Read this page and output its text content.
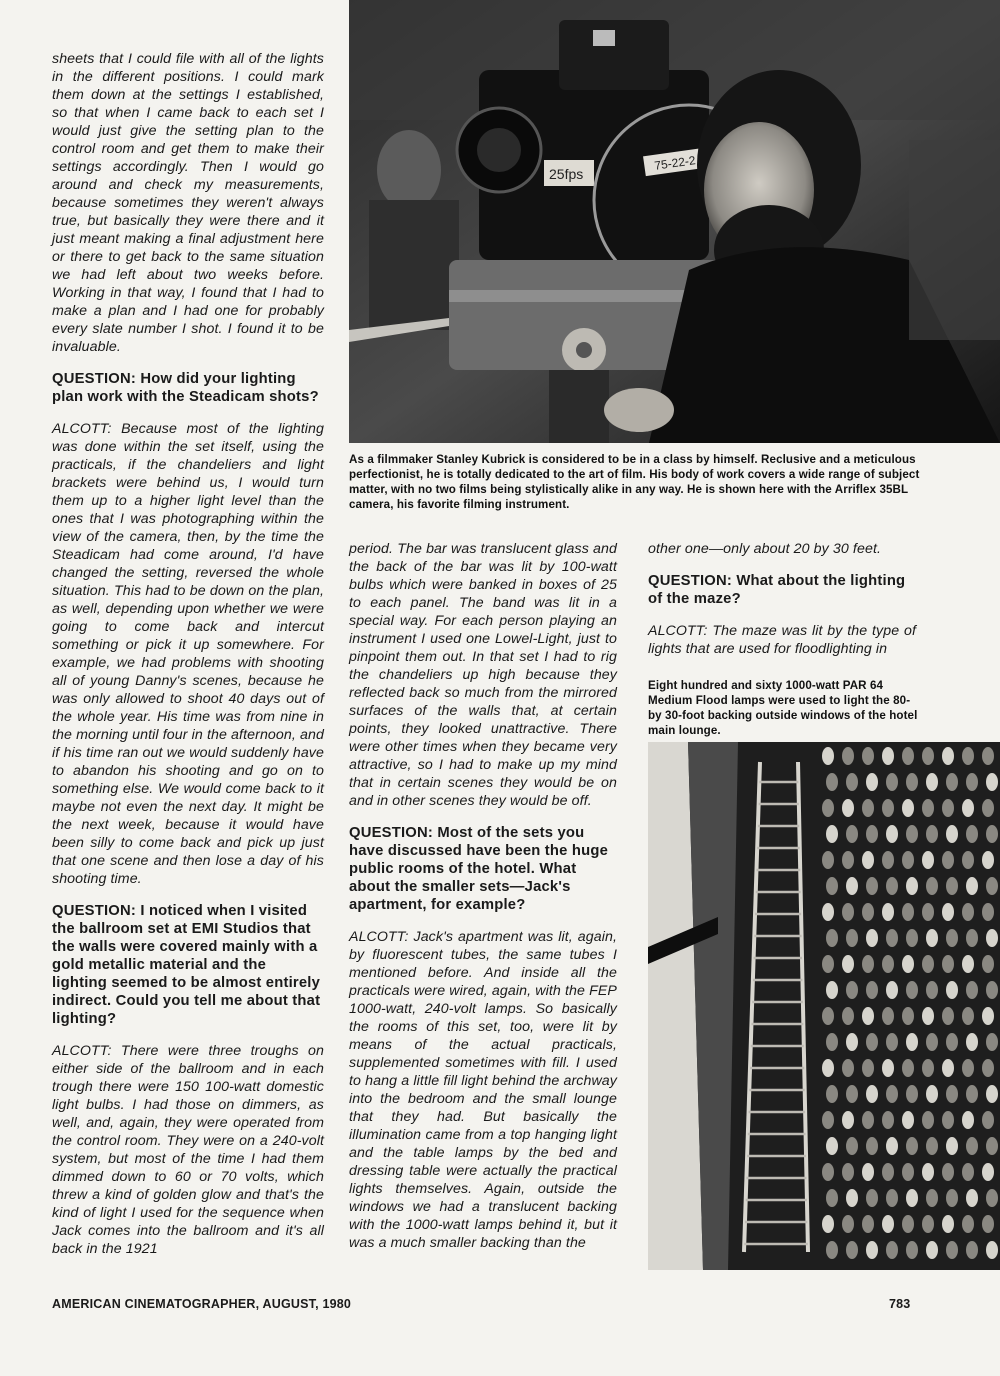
sheets that I could file with all of the lights in the different positions. I could mark them down at the settings I established, so that when I came back to each set I would just give the setting plan to the control room and get them to make their settings accordingly. Then I would go around and check my measurements, because sometimes they weren't always true, but basically they were there and it just meant making a final adjustment here or there to get back to the same situation we had left about two weeks before. Working in that way, I found that I had to make a plan and I had one for probably every slate number I shot. I found it to be invaluable.

QUESTION: How did your lighting plan work with the Steadicam shots?

ALCOTT: Because most of the lighting was done within the set itself, using the practicals, if the chandeliers and light brackets were behind us, I would turn them up to a higher light level than the ones that I was photographing within the view of the camera, then, by the time the Steadicam had come around, I'd have changed the setting, reversed the whole situation. This had to be down on the plan, as well, depending upon whether we were going to come back and intercut something or pick it up somewhere. For example, we had problems with shooting all of young Danny's scenes, because he was only allowed to shoot 40 days out of the whole year. His time was from nine in the morning until four in the afternoon, and if his time ran out we would suddenly have to abandon his shooting and go on to something else. We would come back to it maybe not even the next day. It might be the next week, because it would have been silly to come back and pick up just that one scene and then lose a day of his shooting time.

QUESTION: I noticed when I visited the ballroom set at EMI Studios that the walls were covered mainly with a gold metallic material and the lighting seemed to be almost entirely indirect. Could you tell me about that lighting?

ALCOTT: There were three troughs on either side of the ballroom and in each trough there were 150 100-watt domestic light bulbs. I had those on dimmers, as well, and, again, they were operated from the control room. They were on a 240-volt system, but most of the time I had them dimmed down to 60 or 70 volts, which threw a kind of golden glow and that's the kind of light I used for the sequence when Jack comes into the ballroom and it's all back in the 1921

25fps
75-22-2
As a filmmaker Stanley Kubrick is considered to be in a class by himself. Reclusive and a meticulous perfectionist, he is totally dedicated to the art of film. His body of work covers a wide range of subject matter, with no two films being stylistically alike in any way. He is shown here with the Arriflex 35BL camera, his favorite filming instrument.

period. The bar was translucent glass and the back of the bar was lit by 100-watt bulbs which were banked in boxes of 25 to each panel. The band was lit in a special way. For each person playing an instrument I used one Lowel-Light, just to pinpoint them out. In that set I had to rig the chandeliers up high because they reflected back so much from the mirrored surfaces of the walls that, at certain points, they looked unattractive. There were other times when they became very attractive, so I had to make up my mind that in certain scenes they would be on and in other scenes they would be off.

QUESTION: Most of the sets you have discussed have been the huge public rooms of the hotel. What about the smaller sets—Jack's apartment, for example?

ALCOTT: Jack's apartment was lit, again, by fluorescent tubes, the same tubes I mentioned before. And inside all the practicals were wired, again, with the FEP 1000-watt, 240-volt lamps. So basically the rooms of this set, too, were lit by means of the actual practicals, supplemented sometimes with fill. I used to hang a little fill light behind the archway into the bedroom and the small lounge that they had. But basically the illumination came from a top hanging light and the table lamps by the bed and dressing table were actually the practical lights themselves. Again, outside the windows we had a translucent backing with the 1000-watt lamps behind it, but it was a much smaller backing than the

other one—only about 20 by 30 feet.

QUESTION: What about the lighting of the maze?

ALCOTT: The maze was lit by the type of lights that are used for floodlighting in

Eight hundred and sixty 1000-watt PAR 64 Medium Flood lamps were used to light the 80- by 30-foot backing outside windows of the hotel main lounge.
AMERICAN CINEMATOGRAPHER, AUGUST, 1980	783
